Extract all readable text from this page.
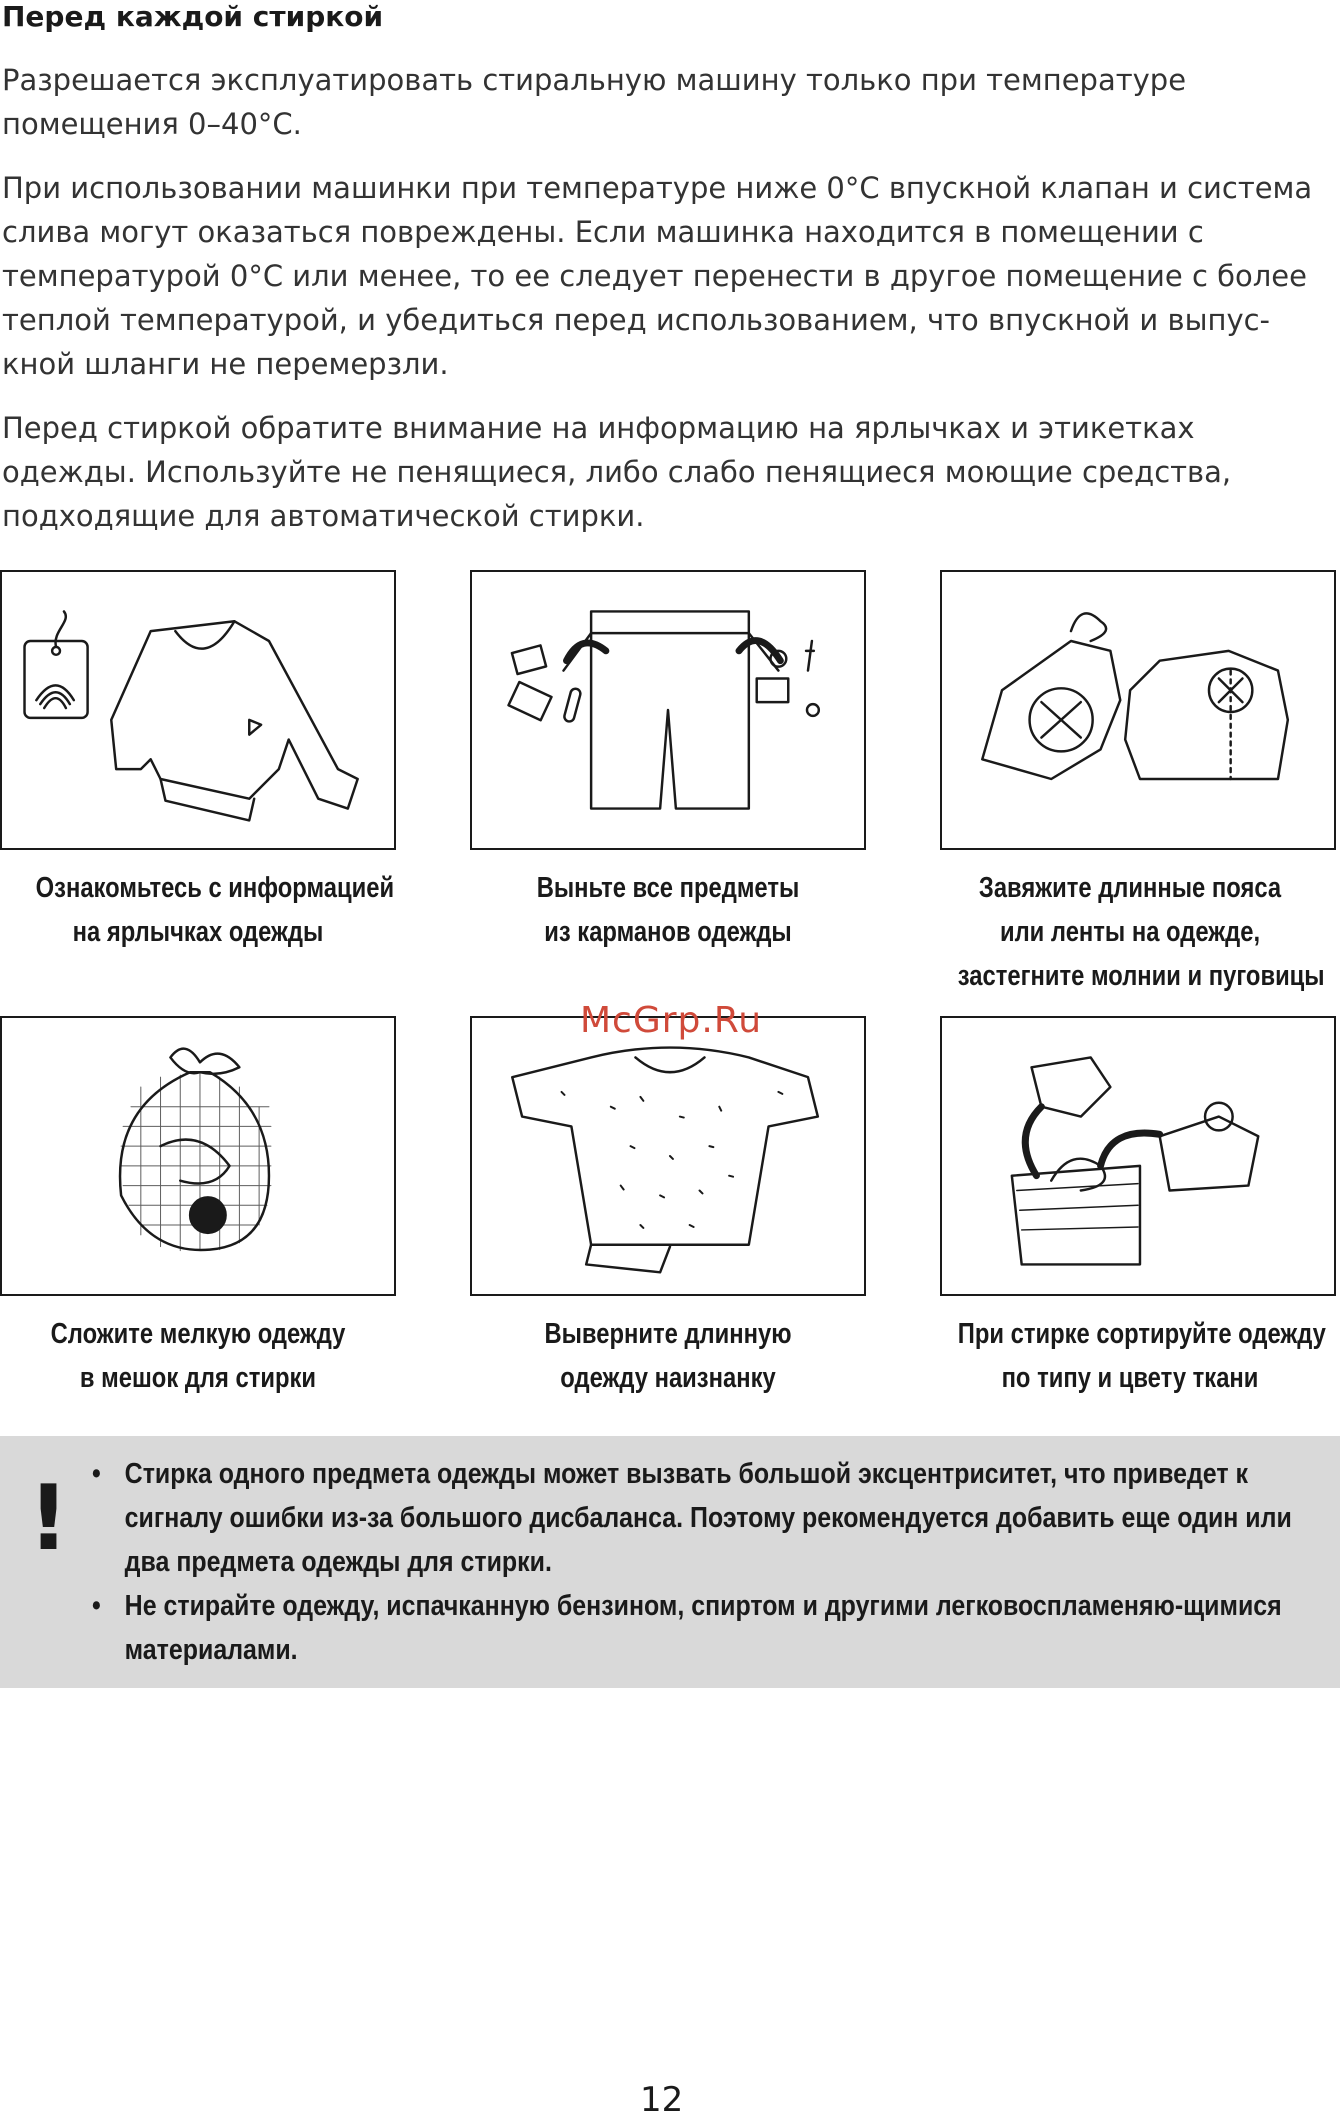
Перед каждой стиркой

Разрешается эксплуатировать стиральную машину только при температуре помещения 0–40°C.

При использовании машинки при температуре ниже 0°C впускной клапан и система слива могут оказаться повреждены. Если машинка находится в помещении с температурой 0°C или менее, то ее следует перенести в другое помещение с более теплой температурой, и убедиться перед использованием, что впускной и выпус-кной шланги не перемерзли.

Перед стиркой обратите внимание на информацию на ярлычках и этикетках одежды. Используйте не пенящиеся, либо слабо пенящиеся моющие средства, подходящие для автоматической стирки.

Ознакомьтесь с информацией
на ярлычках одежды

Выньте все предметы
из карманов одежды

Завяжите длинные пояса
или ленты на одежде,
застегните молнии и пуговицы

Сложите мелкую одежду
в мешок для стирки

Выверните длинную
одежду наизнанку

При стирке сортируйте одежду
по типу и цвету ткани

McGrp.Ru

!

•	Стирка одного предмета одежды может вызвать большой эксцентриситет, что приведет к сигналу ошибки из-за большого дисбаланса. Поэтому рекомендуется добавить еще один или два предмета одежды для стирки.
• Не стирайте одежду, испачканную бензином, спиртом и другими легковоспламеняю-щимися материалами.

12
